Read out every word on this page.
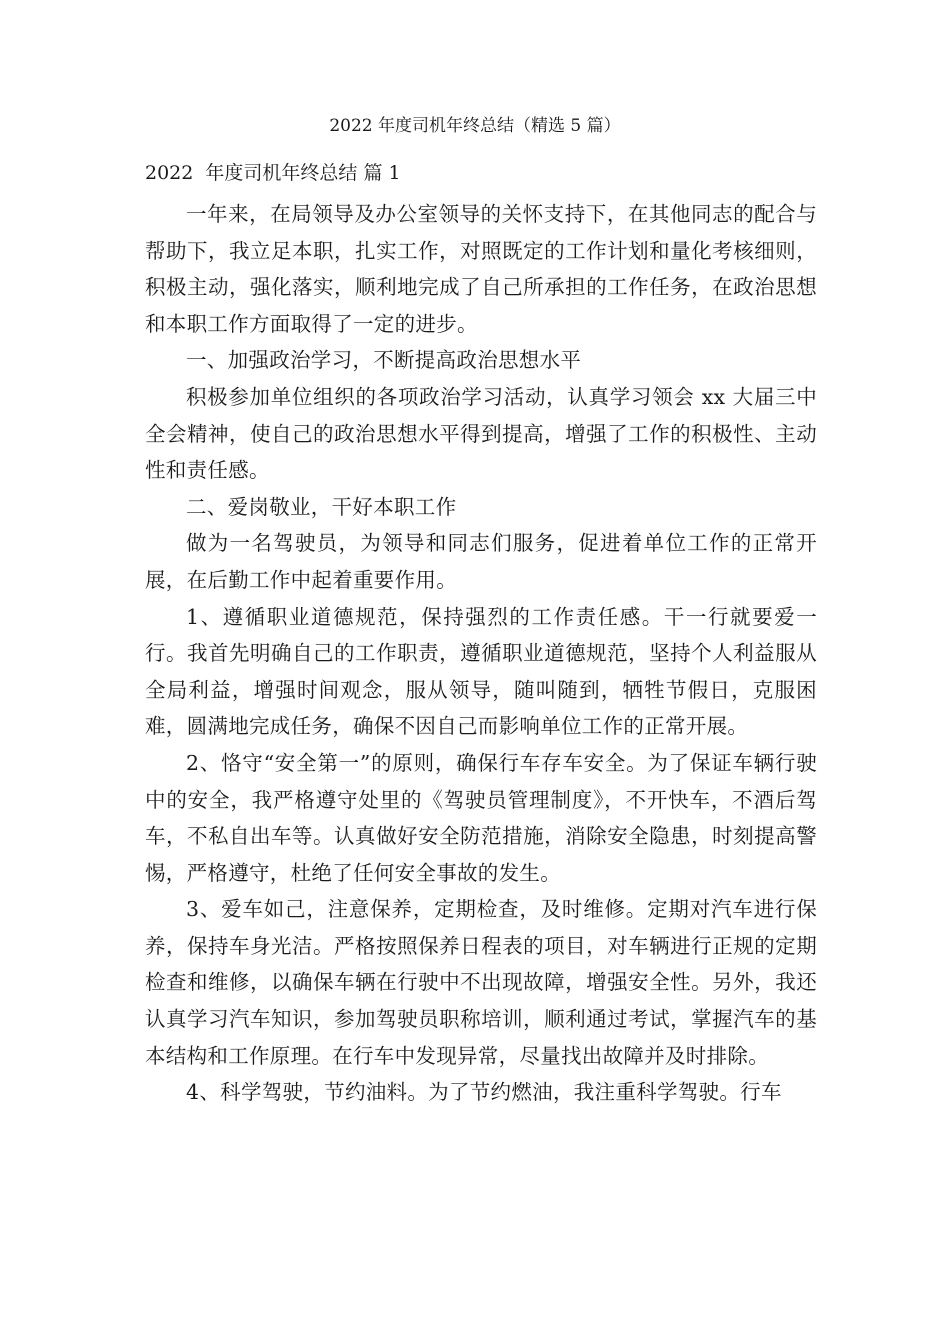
2022 年度司机年终总结（精选 5 篇）
2022  年度司机年终总结 篇 1

一年来，在局领导及办公室领导的关怀支持下，在其他同志的配合与帮助下，我立足本职，扎实工作，对照既定的工作计划和量化考核细则，积极主动，强化落实，顺利地完成了自己所承担的工作任务，在政治思想和本职工作方面取得了一定的进步。

一、加强政治学习，不断提高政治思想水平

积极参加单位组织的各项政治学习活动，认真学习领会 xx 大届三中全会精神，使自己的政治思想水平得到提高，增强了工作的积极性、主动性和责任感。

二、爱岗敬业，干好本职工作

做为一名驾驶员，为领导和同志们服务，促进着单位工作的正常开展，在后勤工作中起着重要作用。

1、遵循职业道德规范，保持强烈的工作责任感。干一行就要爱一行。我首先明确自己的工作职责，遵循职业道德规范，坚持个人利益服从全局利益，增强时间观念，服从领导，随叫随到，牺牲节假日，克服困难，圆满地完成任务，确保不因自己而影响单位工作的正常开展。

2、恪守“安全第一”的原则，确保行车存车安全。为了保证车辆行驶中的安全，我严格遵守处里的《驾驶员管理制度》，不开快车，不酒后驾车，不私自出车等。认真做好安全防范措施，消除安全隐患，时刻提高警惕，严格遵守，杜绝了任何安全事故的发生。

3、爱车如己，注意保养，定期检查，及时维修。定期对汽车进行保养，保持车身光洁。严格按照保养日程表的项目，对车辆进行正规的定期检查和维修，以确保车辆在行驶中不出现故障，增强安全性。另外，我还认真学习汽车知识，参加驾驶员职称培训，顺利通过考试，掌握汽车的基本结构和工作原理。在行车中发现异常，尽量找出故障并及时排除。

4、科学驾驶，节约油料。为了节约燃油，我注重科学驾驶。行车
